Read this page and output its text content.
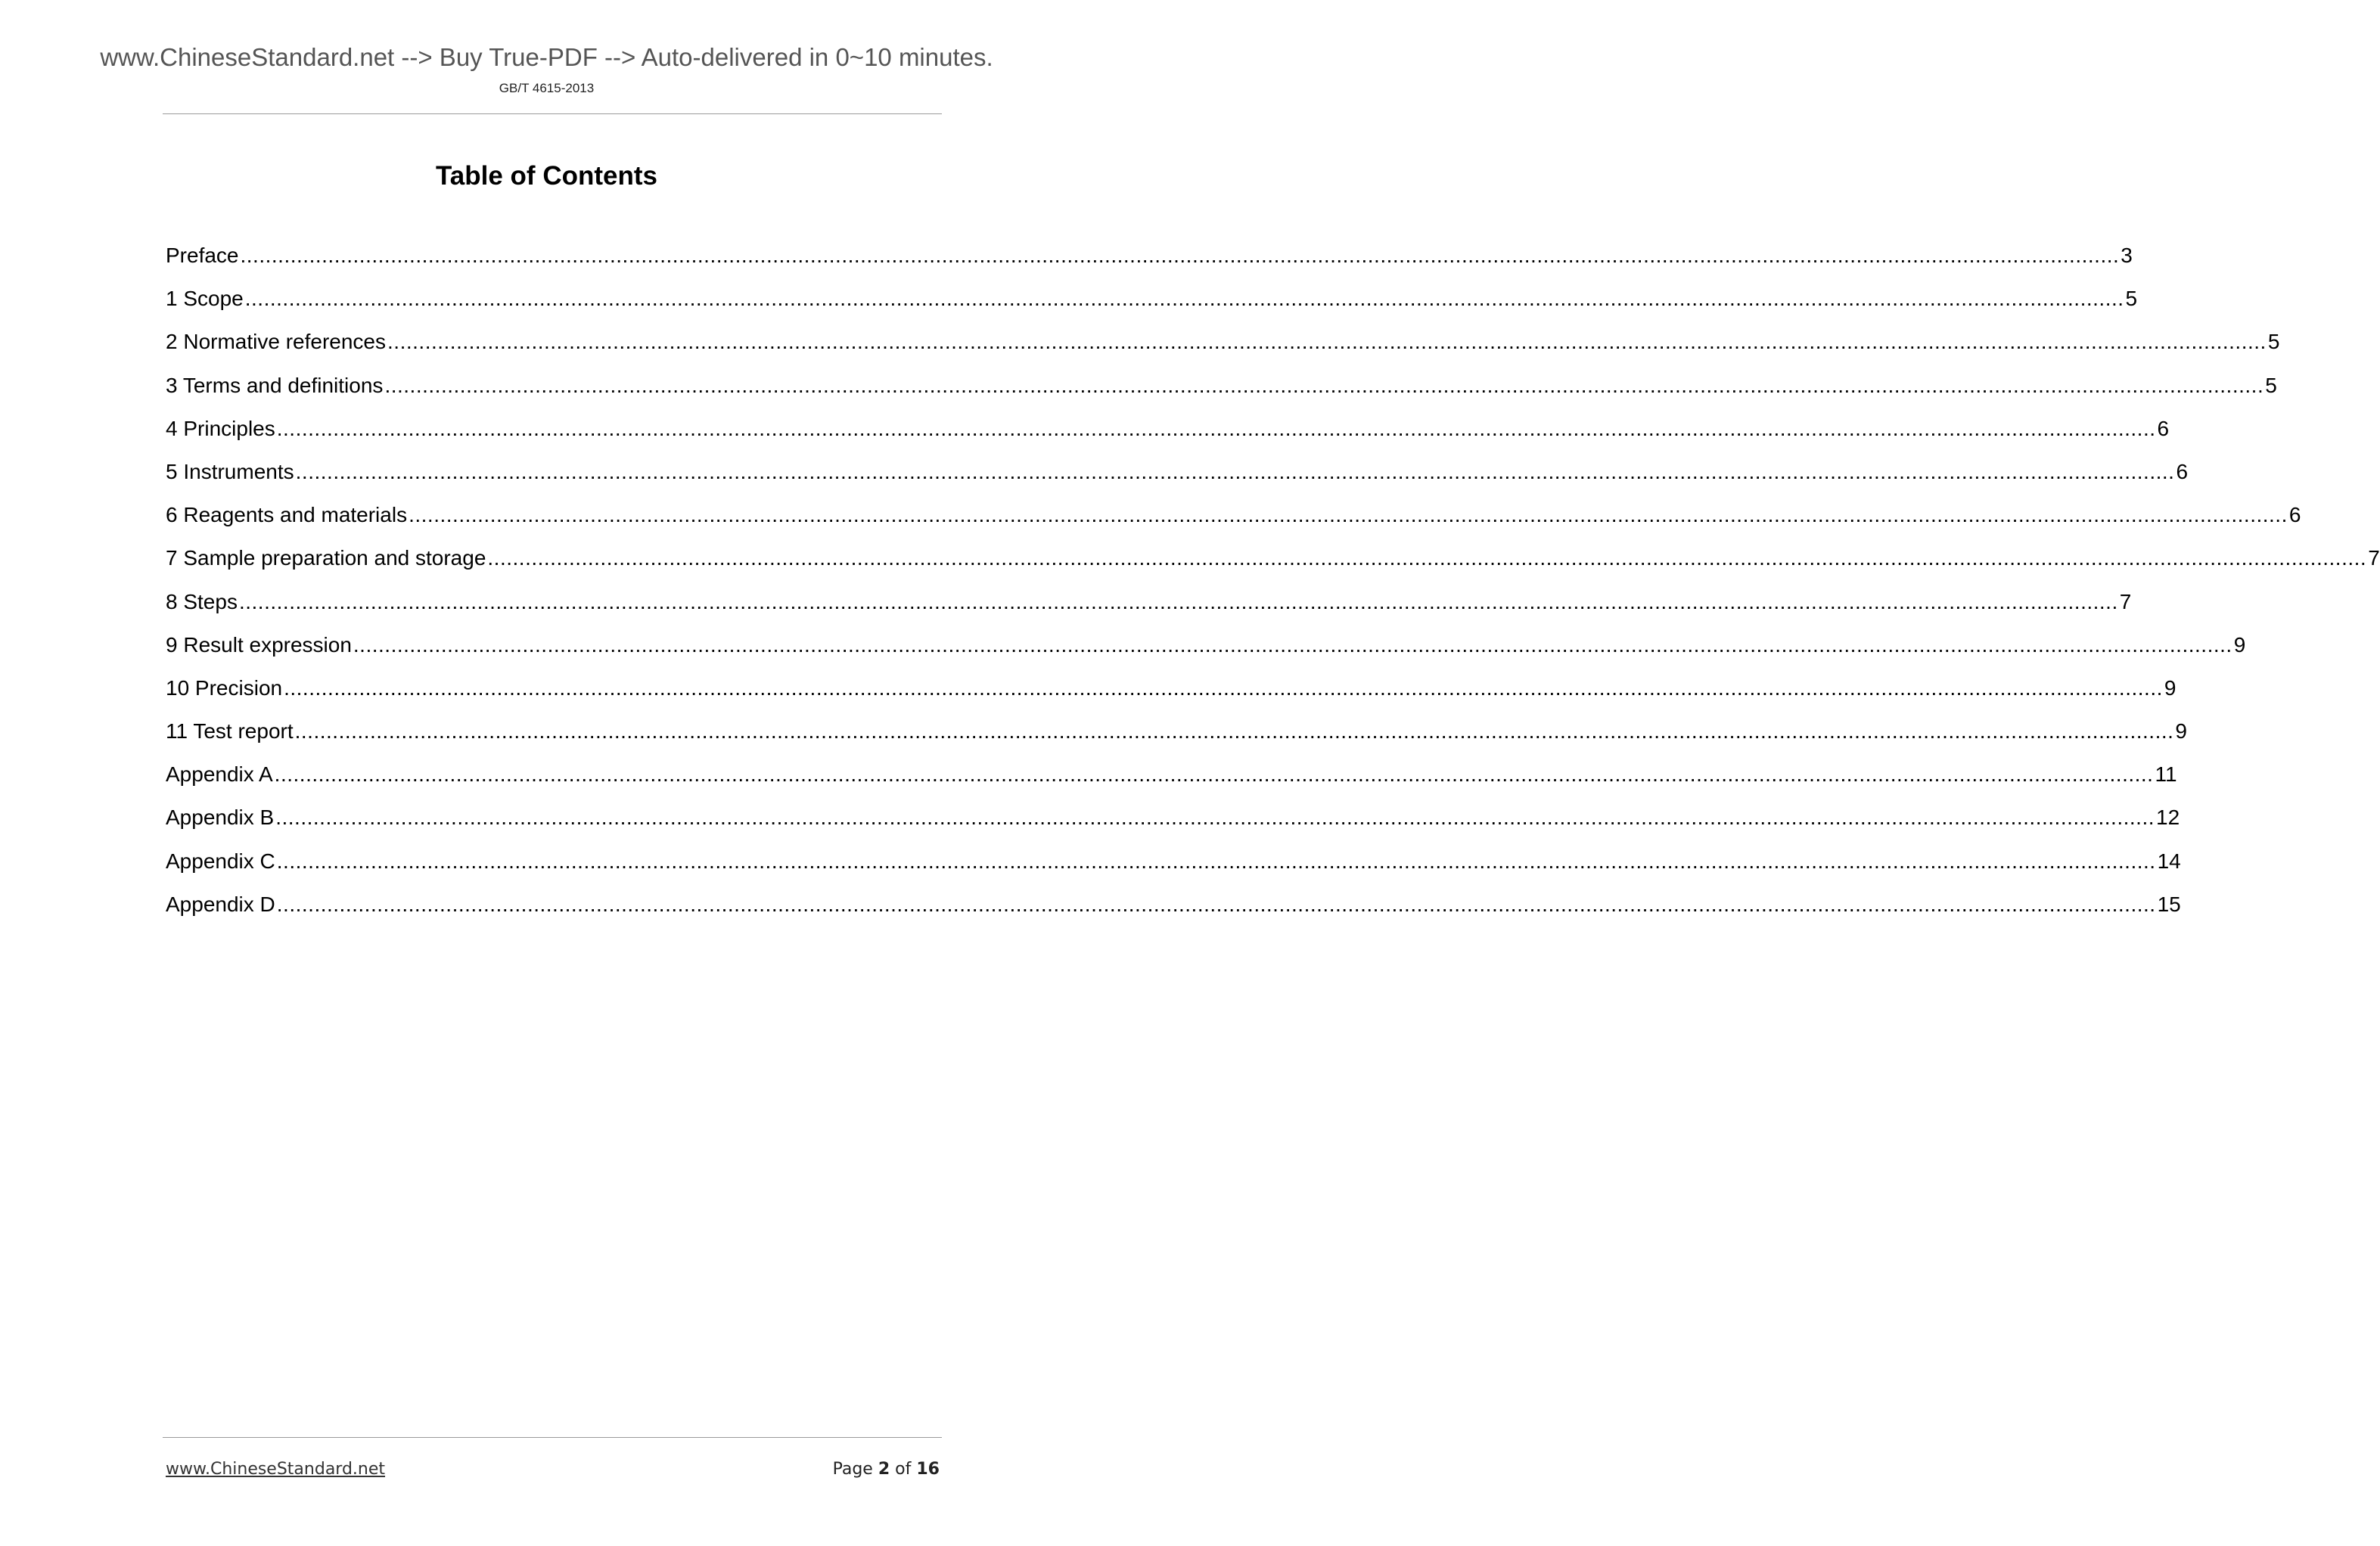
www.ChineseStandard.net --> Buy True-PDF --> Auto-delivered in 0~10 minutes.
GB/T 4615-2013
Table of Contents
Preface ............................................................................................................................................................................................................................................................................................................ 3
1 Scope ............................................................................................................................................................................................................................................................................................................ 5
2 Normative references ............................................................................................................................................................................................................................................................................................................ 5
3 Terms and definitions ............................................................................................................................................................................................................................................................................................................ 5
4 Principles ............................................................................................................................................................................................................................................................................................................ 6
5 Instruments ............................................................................................................................................................................................................................................................................................................ 6
6 Reagents and materials ............................................................................................................................................................................................................................................................................................................ 6
7 Sample preparation and storage ............................................................................................................................................................................................................................................................................................................ 7
8 Steps ............................................................................................................................................................................................................................................................................................................ 7
9 Result expression ............................................................................................................................................................................................................................................................................................................ 9
10 Precision ............................................................................................................................................................................................................................................................................................................ 9
11 Test report ............................................................................................................................................................................................................................................................................................................ 9
Appendix A ............................................................................................................................................................................................................................................................................................................ 11
Appendix B ............................................................................................................................................................................................................................................................................................................ 12
Appendix C ............................................................................................................................................................................................................................................................................................................ 14
Appendix D ............................................................................................................................................................................................................................................................................................................ 15
www.ChineseStandard.net	Page 2 of 16
